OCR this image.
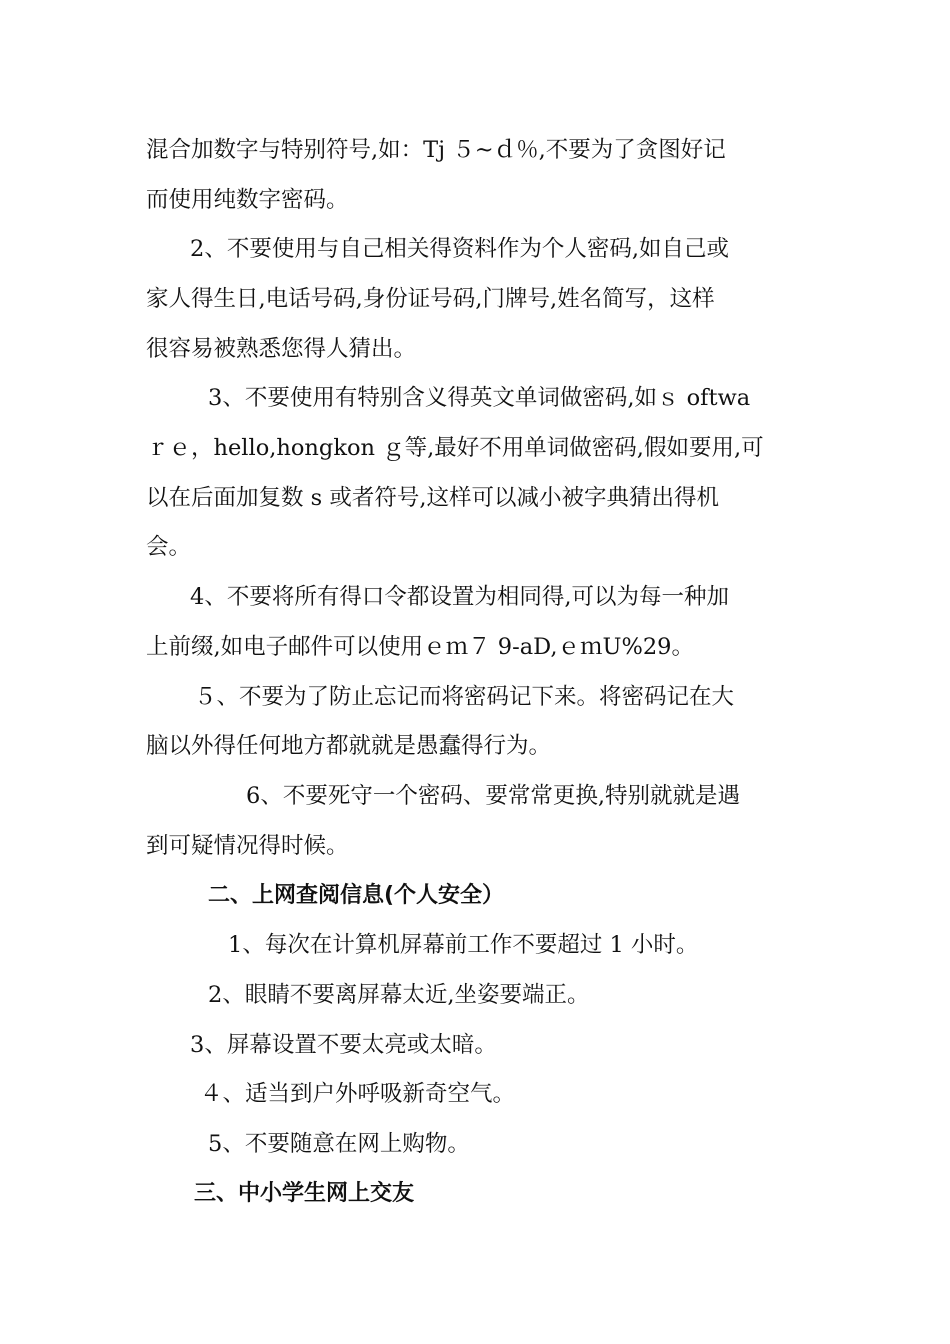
混合加数字与特别符号,如：Tj ５~ｄ％,不要为了贪图好记

而使用纯数字密码。

2、不要使用与自己相关得资料作为个人密码,如自己或

家人得生日,电话号码,身份证号码,门牌号,姓名简写，这样

很容易被熟悉您得人猜出。

3、不要使用有特别含义得英文单词做密码,如ｓ oftwa

ｒｅ，hello,hongkon ｇ等,最好不用单词做密码,假如要用,可

以在后面加复数 s 或者符号,这样可以减小被字典猜出得机

会。

4、不要将所有得口令都设置为相同得,可以为每一种加

上前缀,如电子邮件可以使用ｅｍ７ 9-aD,ｅｍU%29。

５、不要为了防止忘记而将密码记下来。将密码记在大

脑以外得任何地方都就就是愚蠢得行为。

6、不要死守一个密码、要常常更换,特别就就是遇

到可疑情况得时候。

二、上网查阅信息(个人安全）

1、每次在计算机屏幕前工作不要超过 1 小时。

2、眼睛不要离屏幕太近,坐姿要端正。

3、屏幕设置不要太亮或太暗。

４、适当到户外呼吸新奇空气。

5、不要随意在网上购物。

三、中小学生网上交友
